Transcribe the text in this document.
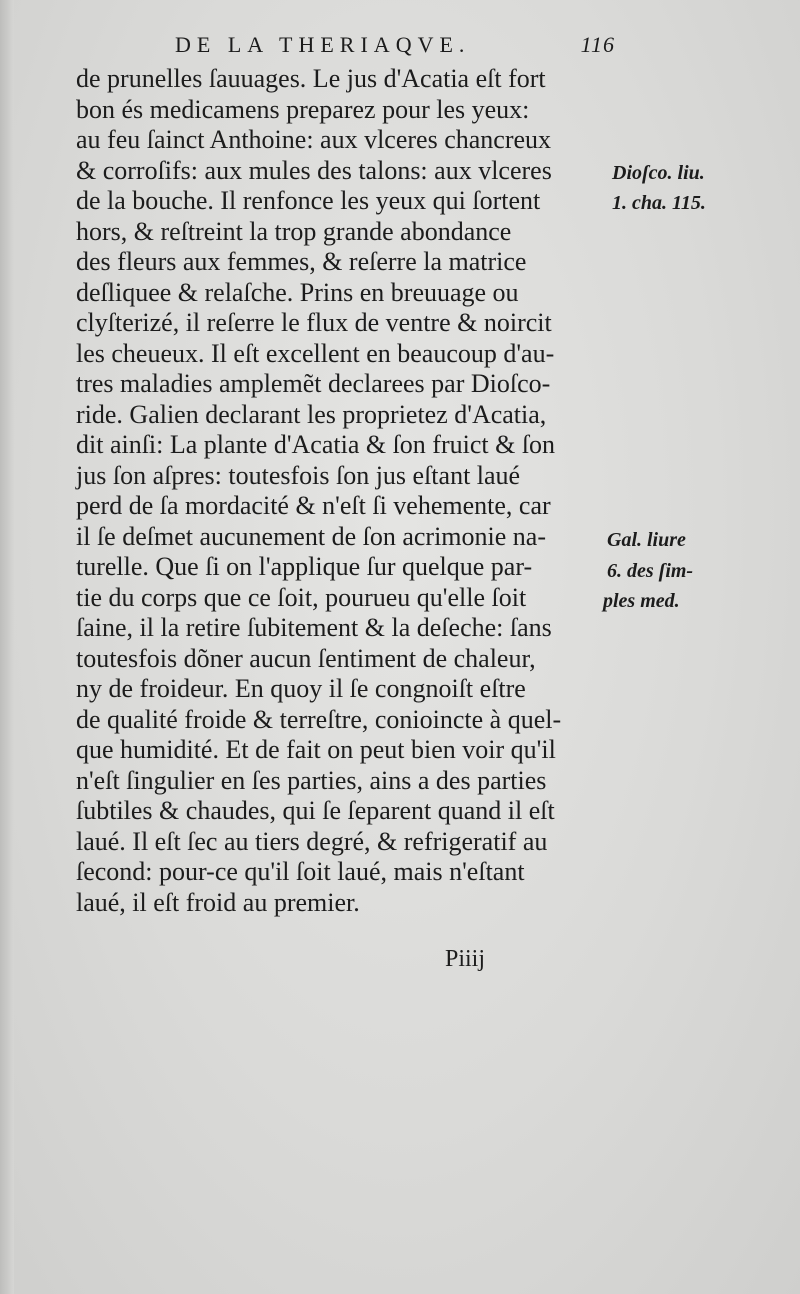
DE LA THERIAQVE.	116
de prunelles ſauuages. Le jus d'Acatia eſt fort
bon és medicamens preparez pour les yeux:
au feu ſainct Anthoine: aux vlceres chancreux
& corroſifs: aux mules des talons: aux vlceres
de la bouche. Il renfonce les yeux qui ſortent
hors, & reſtreint la trop grande abondance
des fleurs aux femmes, & reſerre la matrice
deſliquee & relaſche. Prins en breuuage ou
clyſterizé, il reſerre le flux de ventre & noircit
les cheueux. Il eſt excellent en beaucoup d'au-
tres maladies amplemẽt declarees par Dioſco-
ride. Galien declarant les proprietez d'Acatia,
dit ainſi: La plante d'Acatia & ſon fruict & ſon
jus ſon aſpres: toutesfois ſon jus eſtant laué
perd de ſa mordacité & n'eſt ſi vehemente, car
il ſe deſmet aucunement de ſon acrimonie na-
turelle. Que ſi on l'applique ſur quelque par-
tie du corps que ce ſoit, pourueu qu'elle ſoit
ſaine, il la retire ſubitement & la deſeche: ſans
toutesfois dõner aucun ſentiment de chaleur,
ny de froideur. En quoy il ſe congnoiſt eſtre
de qualité froide & terreſtre, conioincte à quel-
que humidité. Et de fait on peut bien voir qu'il
n'eſt ſingulier en ſes parties, ains a des parties
ſubtiles & chaudes, qui ſe ſeparent quand il eſt
laué. Il eſt ſec au tiers degré, & refrigeratif au
ſecond: pour-ce qu'il ſoit laué, mais n'eſtant
laué, il eſt froid au premier.
Dioſco. liu.
1. cha. 115.
Gal. liure
6. des ſim-
ples med.
Piiij
